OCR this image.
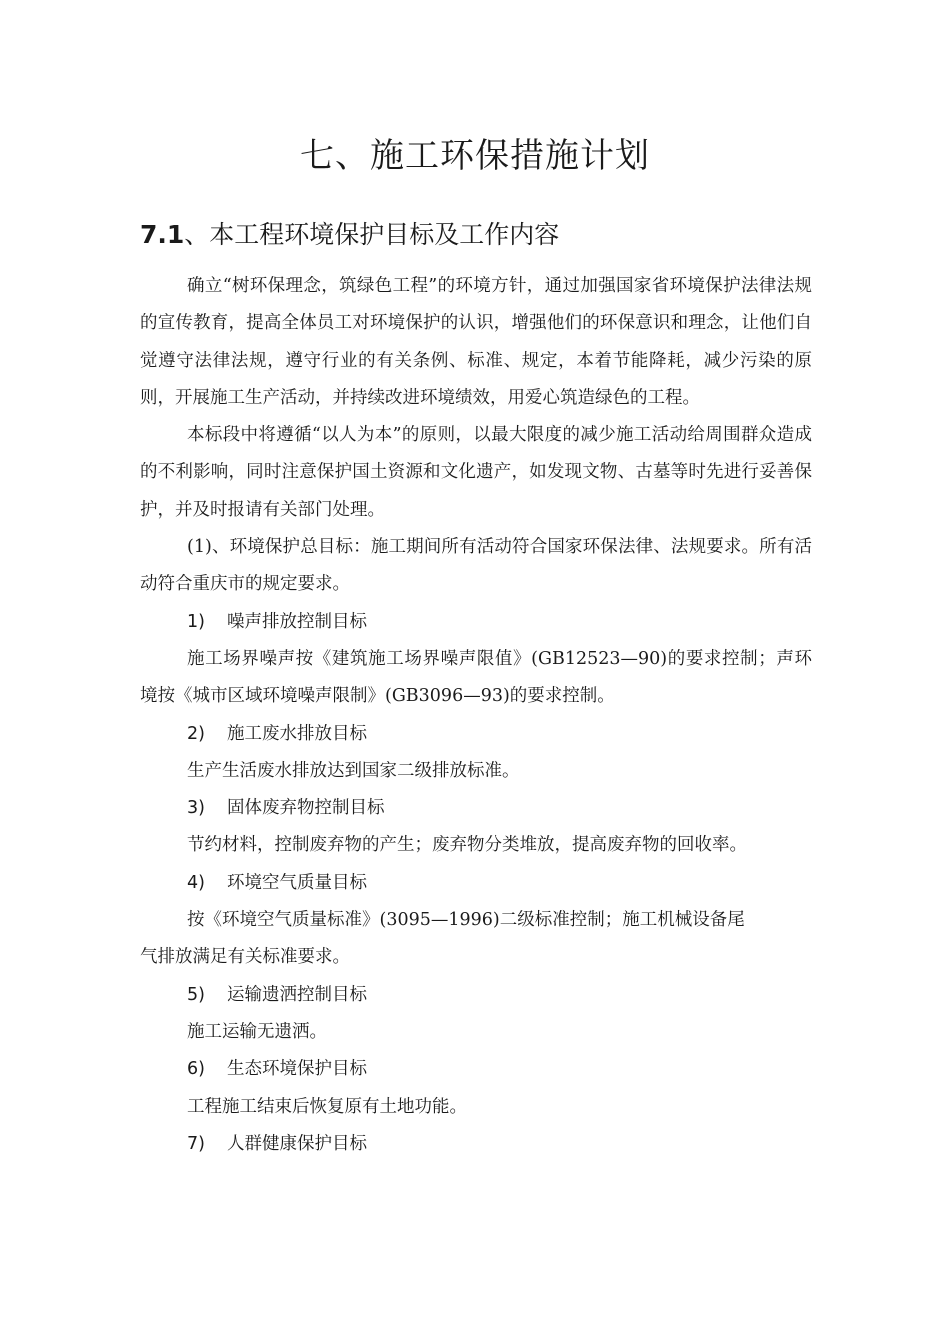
七、施工环保措施计划
7.1、本工程环境保护目标及工作内容

确立“树环保理念，筑绿色工程”的环境方针，通过加强国家省环境保护法律法规的宣传教育，提高全体员工对环境保护的认识，增强他们的环保意识和理念，让他们自觉遵守法律法规，遵守行业的有关条例、标准、规定，本着节能降耗，减少污染的原则，开展施工生产活动，并持续改进环境绩效，用爱心筑造绿色的工程。

本标段中将遵循“以人为本”的原则，以最大限度的减少施工活动给周围群众造成的不利影响，同时注意保护国土资源和文化遗产，如发现文物、古墓等时先进行妥善保护，并及时报请有关部门处理。

(1)、环境保护总目标：施工期间所有活动符合国家环保法律、法规要求。所有活动符合重庆市的规定要求。

1) 噪声排放控制目标

施工场界噪声按《建筑施工场界噪声限值》(GB12523—90)的要求控制；声环境按《城市区域环境噪声限制》(GB3096—93)的要求控制。

2) 施工废水排放目标

生产生活废水排放达到国家二级排放标准。

3) 固体废弃物控制目标

节约材料，控制废弃物的产生；废弃物分类堆放，提高废弃物的回收率。

4) 环境空气质量目标

按《环境空气质量标准》(3095—1996)二级标准控制；施工机械设备尾

气排放满足有关标准要求。

5) 运输遗洒控制目标

施工运输无遗洒。

6) 生态环境保护目标

工程施工结束后恢复原有土地功能。

7) 人群健康保护目标
